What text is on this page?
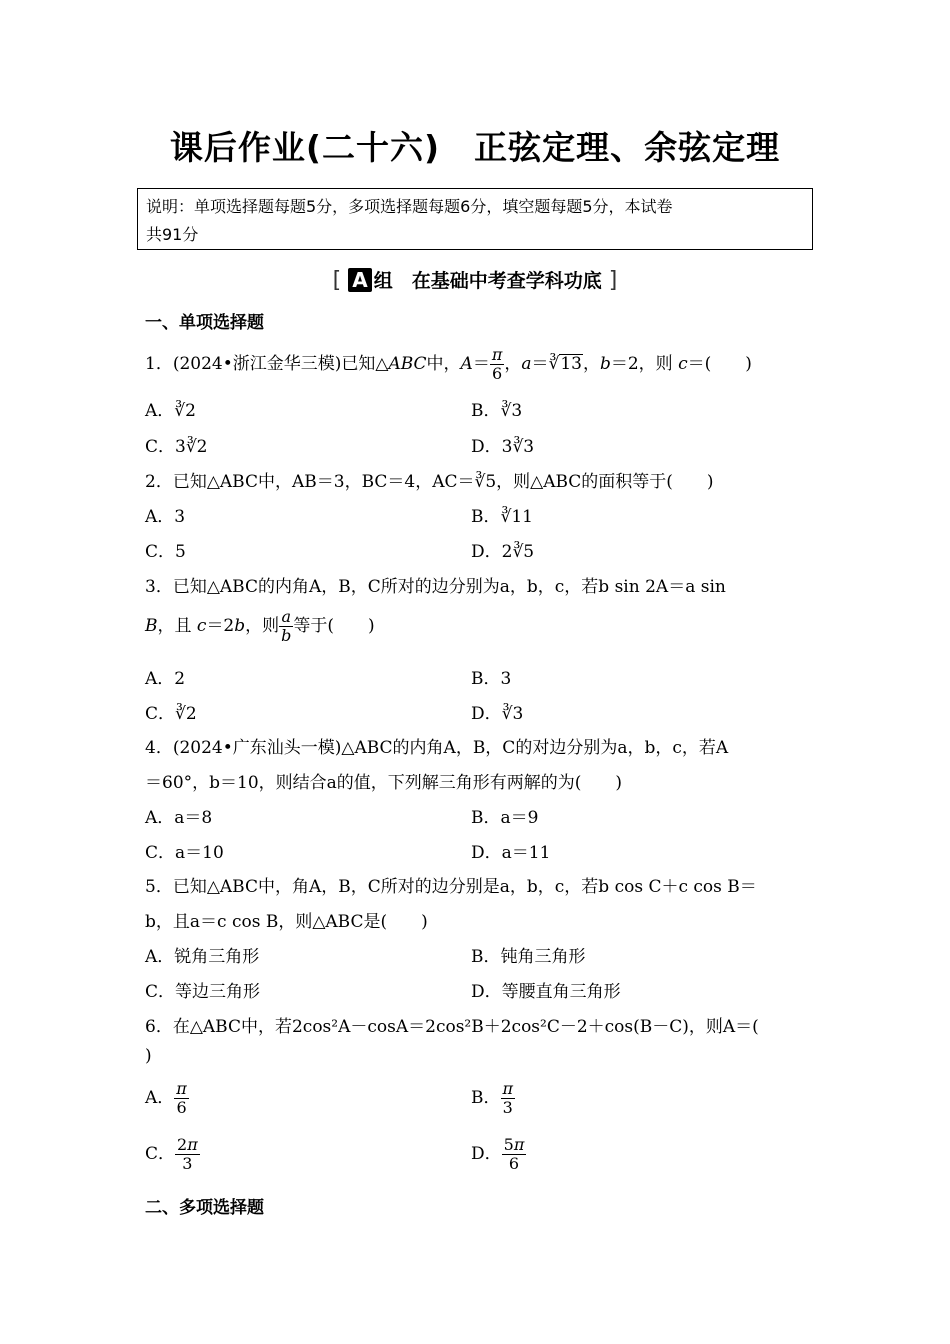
课后作业(二十六) 正弦定理、余弦定理
说明：单项选择题每题5分，多项选择题每题6分，填空题每题5分，本试卷
共91分
[ A 组　在基础中考查学科功底 ]
一、单项选择题
1．(2024•浙江金华三模)已知△ABC中，$A= \frac{\pi}{6}$ ，a＝∛13，b＝2，则 c＝(　　)
A．∛2	B．∛3
C．3∛2	D．3∛3
2．已知△ABC中，AB＝3，BC＝4，AC＝∛5，则△ABC的面积等于(　　)
A．3	B．∛11
C．5	D．2∛5
3．已知△ABC的内角A，B，C所对的边分别为a，b，c，若b sin 2A＝a sin
B，且 c＝2b，则 $\frac{a}{b}$ 等于(　　)
A．2	B．3
C．∛2	D．∛3
4．(2024•广东汕头一模)△ABC的内角A，B，C的对边分别为a，b，c，若A
＝60°，b＝10，则结合a的值，下列解三角形有两解的为(　　)
A．a＝8	B．a＝9
C．a＝10	D．a＝11
5．已知△ABC中，角A，B，C所对的边分别是a，b，c，若b cos C＋c cos B＝
b，且a＝c cos B，则△ABC是(　　)
A．锐角三角形	B．钝角三角形
C．等边三角形	D．等腰直角三角形
6．在△ABC中，若2cos²A－cosA＝2cos²B＋2cos²C－2＋cos(B－C)，则A＝(
)
A． $\frac{\pi}{6}$	B． $\frac{\pi}{3}$
C． $\frac{2\pi}{3}$	D． $\frac{5\pi}{6}$
二、多项选择题
